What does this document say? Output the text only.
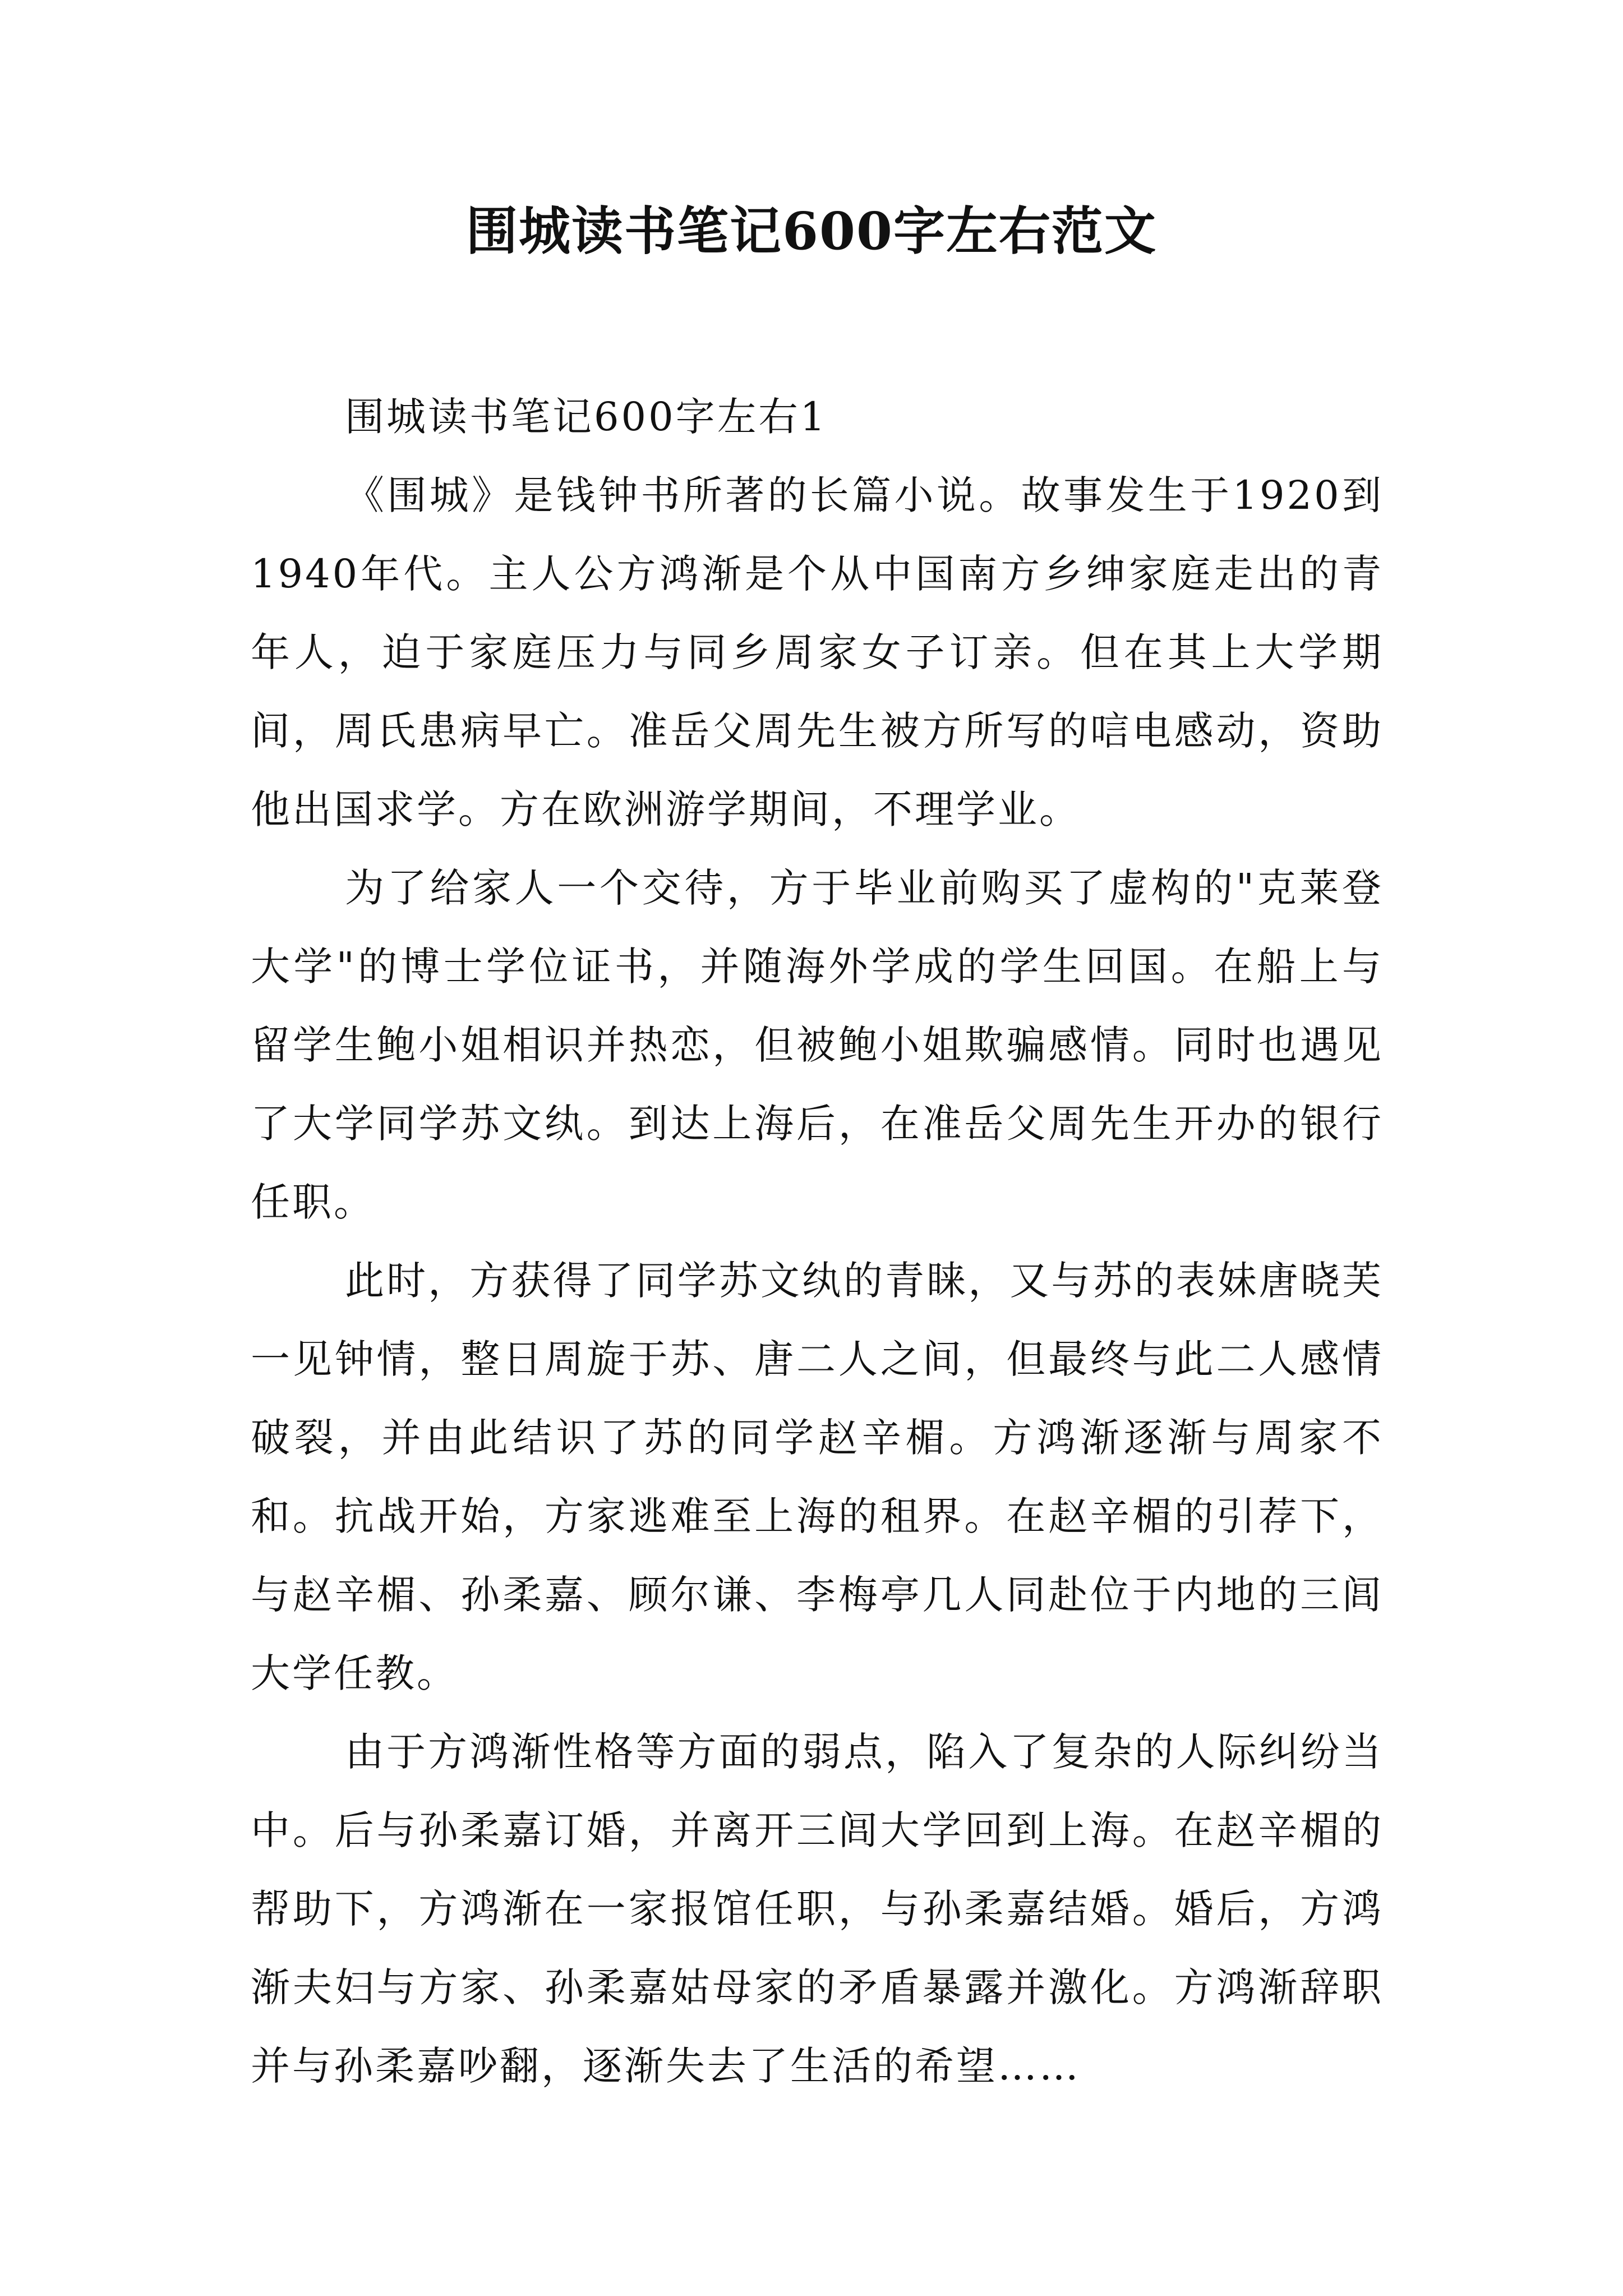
围城读书笔记600字左右范文

围城读书笔记600字左右1

《围城》是钱钟书所著的长篇小说。故事发生于1920到1940年代。主人公方鸿渐是个从中国南方乡绅家庭走出的青年人，迫于家庭压力与同乡周家女子订亲。但在其上大学期间，周氏患病早亡。准岳父周先生被方所写的唁电感动，资助他出国求学。方在欧洲游学期间，不理学业。

为了给家人一个交待，方于毕业前购买了虚构的"克莱登大学"的博士学位证书，并随海外学成的学生回国。在船上与留学生鲍小姐相识并热恋，但被鲍小姐欺骗感情。同时也遇见了大学同学苏文纨。到达上海后，在准岳父周先生开办的银行任职。

此时，方获得了同学苏文纨的青睐，又与苏的表妹唐晓芙一见钟情，整日周旋于苏、唐二人之间，但最终与此二人感情破裂，并由此结识了苏的同学赵辛楣。方鸿渐逐渐与周家不和。抗战开始，方家逃难至上海的租界。在赵辛楣的引荐下，与赵辛楣、孙柔嘉、顾尔谦、李梅亭几人同赴位于内地的三闾大学任教。

由于方鸿渐性格等方面的弱点，陷入了复杂的人际纠纷当中。后与孙柔嘉订婚，并离开三闾大学回到上海。在赵辛楣的帮助下，方鸿渐在一家报馆任职，与孙柔嘉结婚。婚后，方鸿渐夫妇与方家、孙柔嘉姑母家的矛盾暴露并激化。方鸿渐辞职并与孙柔嘉吵翻，逐渐失去了生活的希望……
